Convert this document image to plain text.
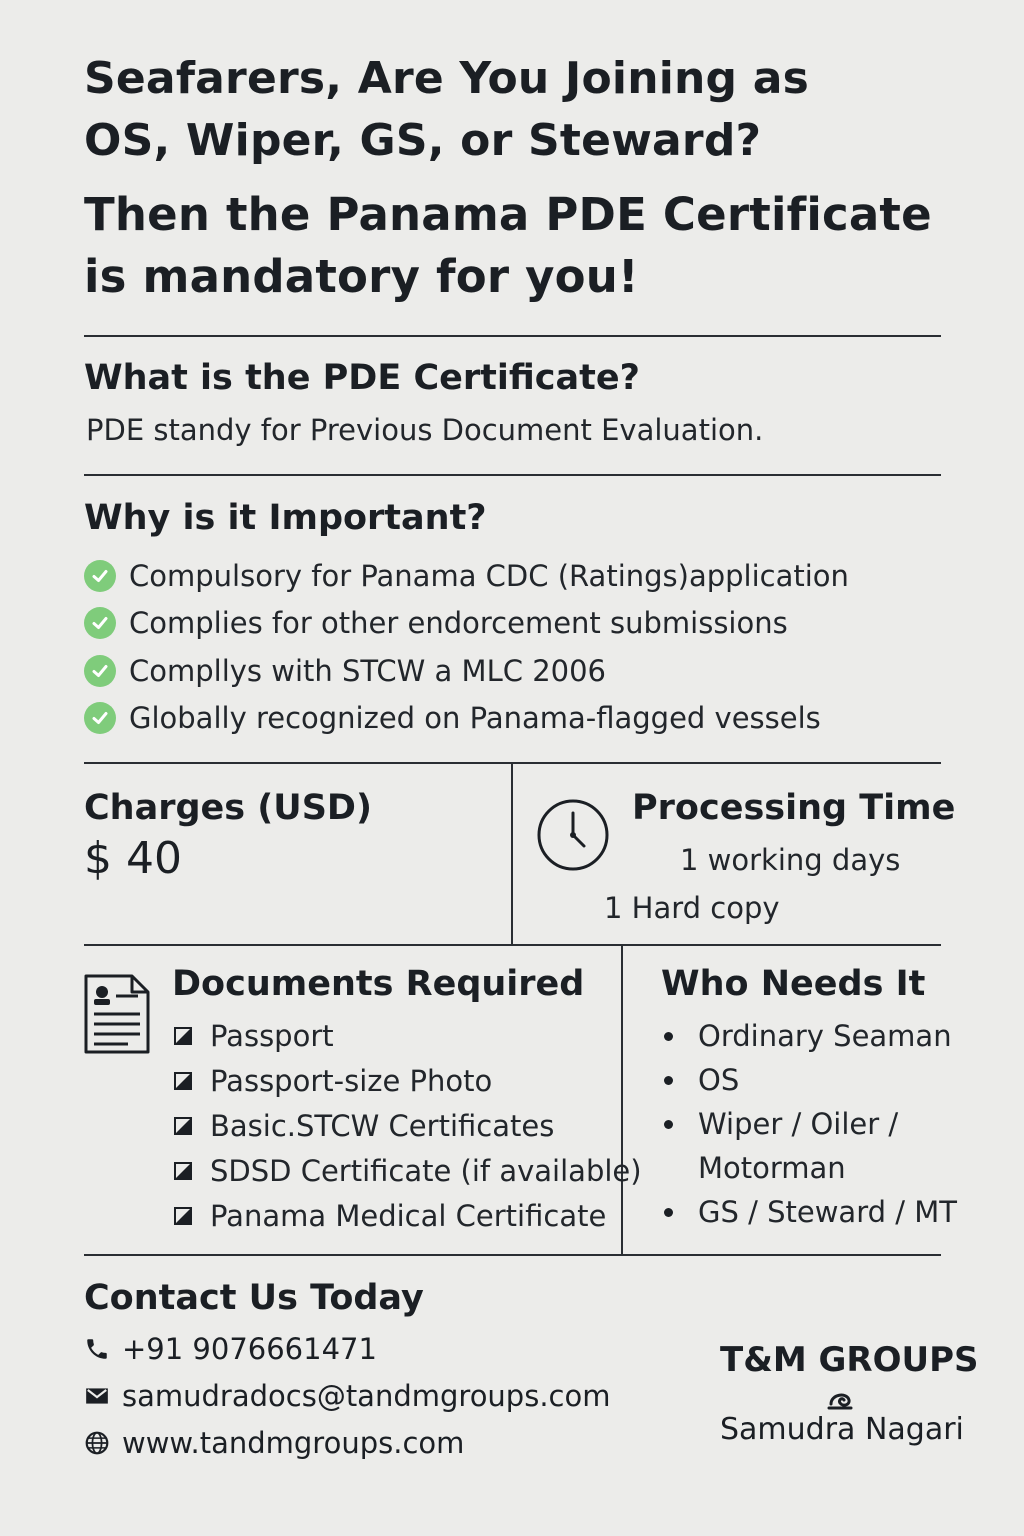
Seafarers, Are You Joining as
OS, Wiper, GS, or Steward?
Then the Panama PDE Certificate
is mandatory for you!
What is the PDE Certificate?
PDE standy for Previous Document Evaluation.
Why is it Important?
Compulsory for Panama CDC (Ratings)application
Complies for other endorcement submissions
Compllys with STCW a MLC 2006
Globally recognized on Panama-flagged vessels
Charges (USD)
$ 40
Processing Time
1 working days
1 Hard copy
Documents Required
Passport
Passport-size Photo
Basic.STCW Certificates
SDSD Certificate (if available)
Panama Medical Certificate
Who Needs It
Ordinary Seaman
OS
Wiper / Oiler / Motorman
GS / Steward / MT
Contact Us Today
+91 9076661471
samudradocs@tandmgroups.com
www.tandmgroups.com
T&M GROUPS
Samudra Nagari
